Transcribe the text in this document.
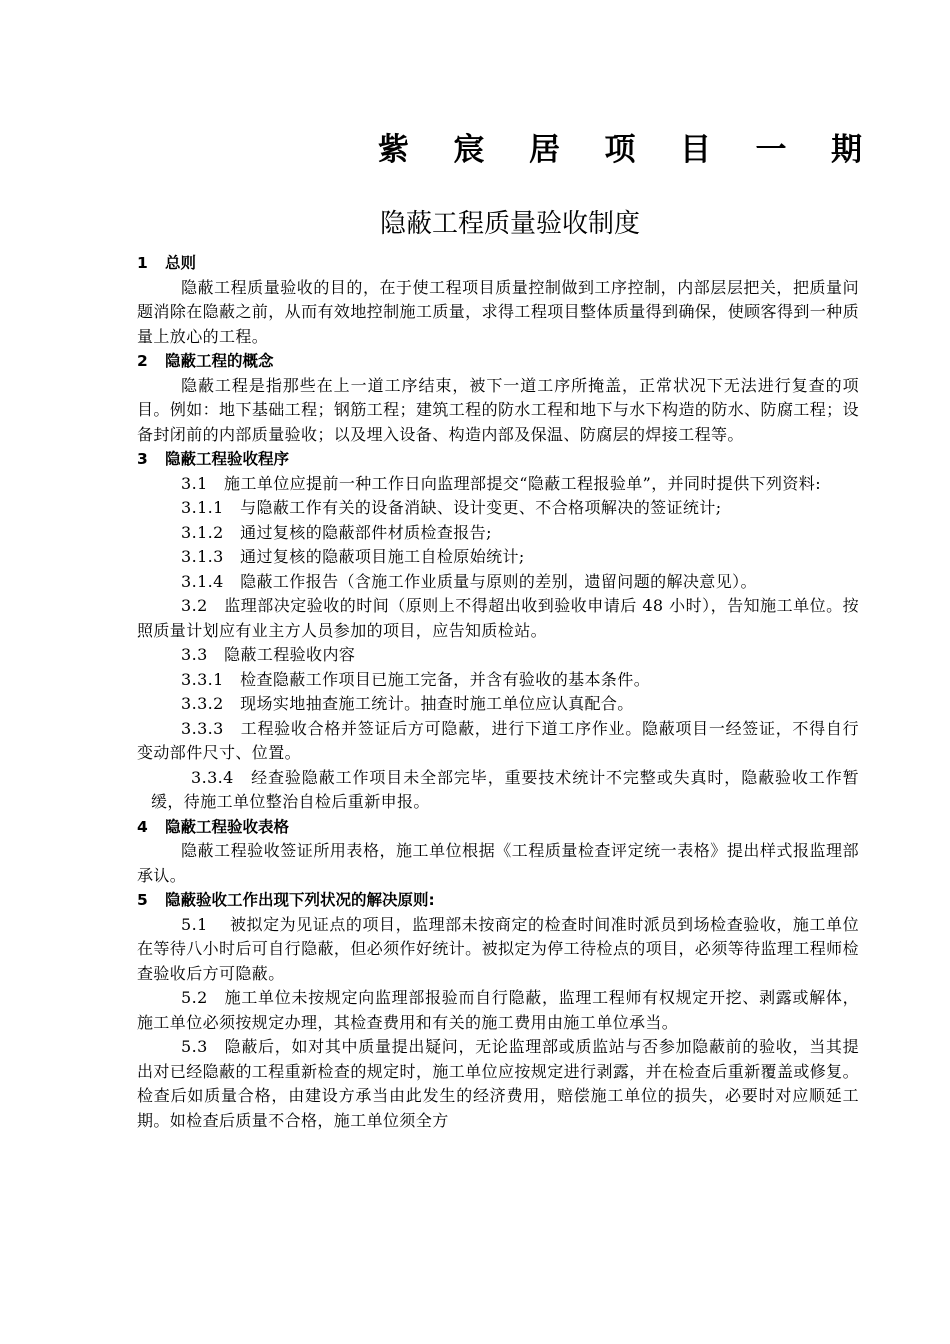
紫 宸 居 项 目 一 期
隐蔽工程质量验收制度

1 总则

隐蔽工程质量验收的目的，在于使工程项目质量控制做到工序控制，内部层层把关，把质量问题消除在隐蔽之前，从而有效地控制施工质量，求得工程项目整体质量得到确保，使顾客得到一种质量上放心的工程。

2 隐蔽工程的概念

隐蔽工程是指那些在上一道工序结束，被下一道工序所掩盖，正常状况下无法进行复查的项目。例如：地下基础工程；钢筋工程；建筑工程的防水工程和地下与水下构造的防水、防腐工程；设备封闭前的内部质量验收；以及埋入设备、构造内部及保温、防腐层的焊接工程等。

3 隐蔽工程验收程序

3.1　施工单位应提前一种工作日向监理部提交“隐蔽工程报验单”，并同时提供下列资料:

3.1.1　与隐蔽工作有关的设备消缺、设计变更、不合格项解决的签证统计;

3.1.2　通过复核的隐蔽部件材质检查报告;

3.1.3　通过复核的隐蔽项目施工自检原始统计;

3.1.4　隐蔽工作报告（含施工作业质量与原则的差别，遗留问题的解决意见）。

3.2　监理部决定验收的时间（原则上不得超出收到验收申请后 48 小时），告知施工单位。按照质量计划应有业主方人员参加的项目，应告知质检站。

3.3　隐蔽工程验收内容

3.3.1　检查隐蔽工作项目已施工完备，并含有验收的基本条件。

3.3.2　现场实地抽查施工统计。抽查时施工单位应认真配合。

3.3.3　工程验收合格并签证后方可隐蔽，进行下道工序作业。隐蔽项目一经签证，不得自行变动部件尺寸、位置。

3.3.4　经查验隐蔽工作项目未全部完毕，重要技术统计不完整或失真时，隐蔽验收工作暂缓，待施工单位整治自检后重新申报。

4 隐蔽工程验收表格

隐蔽工程验收签证所用表格，施工单位根据《工程质量检查评定统一表格》提出样式报监理部承认。

5 隐蔽验收工作出现下列状况的解决原则:

5.1　 被拟定为见证点的项目，监理部未按商定的检查时间准时派员到场检查验收，施工单位在等待八小时后可自行隐蔽，但必须作好统计。被拟定为停工待检点的项目，必须等待监理工程师检查验收后方可隐蔽。

5.2　施工单位未按规定向监理部报验而自行隐蔽，监理工程师有权规定开挖、剥露或解体，施工单位必须按规定办理，其检查费用和有关的施工费用由施工单位承当。

5.3　隐蔽后，如对其中质量提出疑问，无论监理部或质监站与否参加隐蔽前的验收，当其提出对已经隐蔽的工程重新检查的规定时，施工单位应按规定进行剥露，并在检查后重新覆盖或修复。检查后如质量合格，由建设方承当由此发生的经济费用，赔偿施工单位的损失，必要时对应顺延工期。如检查后质量不合格，施工单位须全方
